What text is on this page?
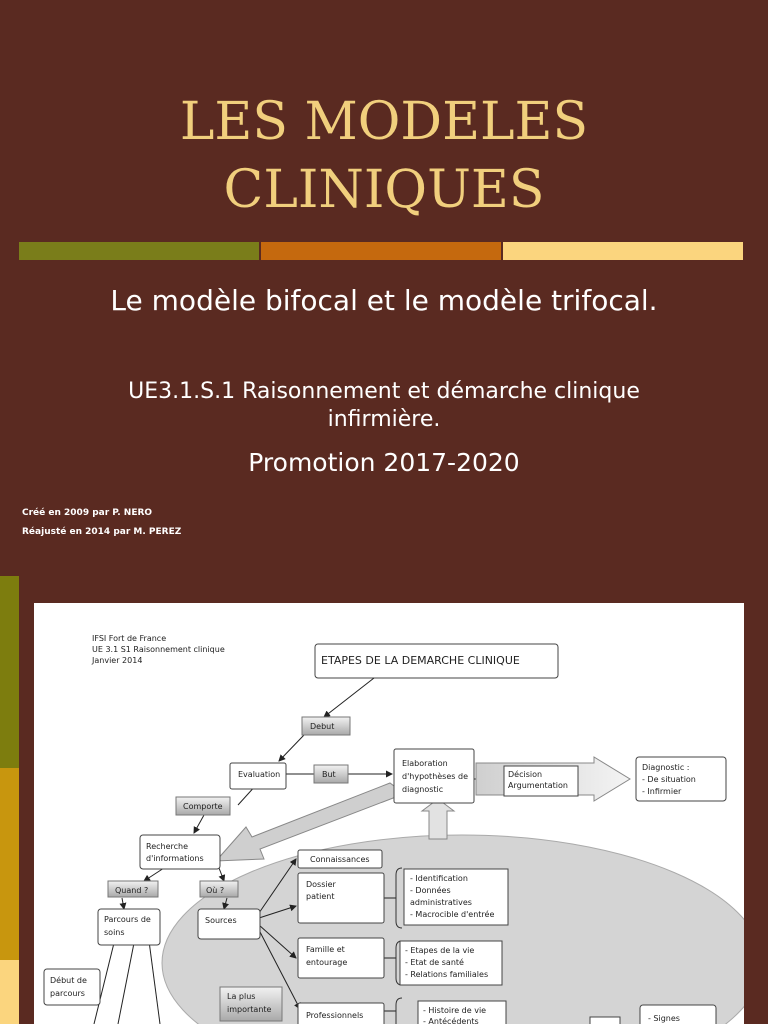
LES MODELES
CLINIQUES
Le modèle bifocal et le modèle trifocal.
UE3.1.S.1 Raisonnement et démarche clinique
infirmière.
Promotion 2017-2020
Créé en 2009 par P. NERO
Réajusté en 2014 par M. PEREZ
IFSI Fort de France
UE 3.1 S1 Raisonnement clinique
Janvier 2014	ETAPES DE LA DEMARCHE CLINIQUE
Debut
Evaluation	But
Elaboration
d'hypothèses de
diagnostic
Décision
Argumentation
Diagnostic :
- De situation
- Infirmier
Comporte
Recherche
d'informations
Quand ?	Où ?
Connaissances
Dossier
patient
- Identification
- Données
administratives
- Macrocible d'entrée
Parcours de
soins
Sources
Famille et
entourage
- Etapes de la vie
- Etat de santé
- Relations familiales
Début de
parcours	La plus
importante
Professionnels
- Histoire de vie
- Antécédents	- Signes
